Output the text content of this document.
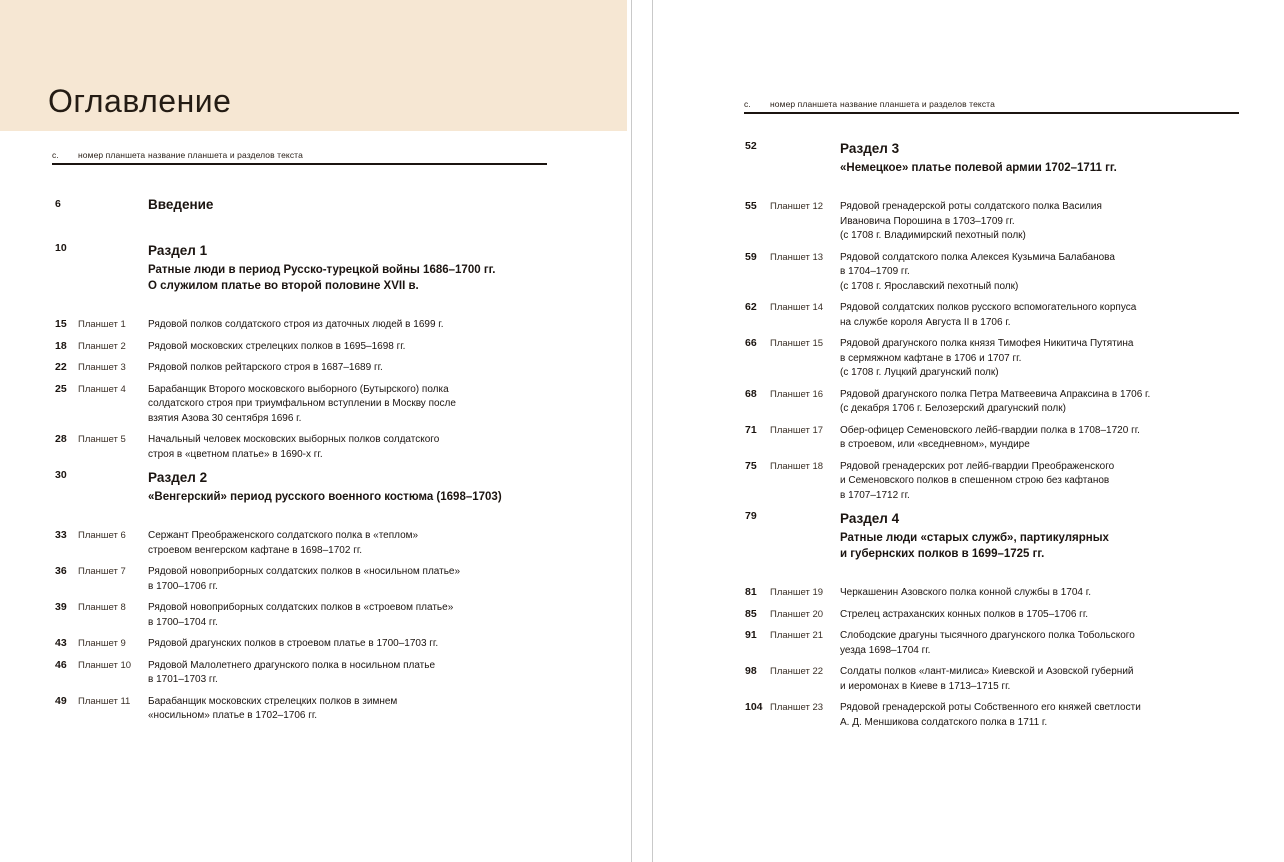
Оглавление
с. номер планшета название планшета и разделов текста
6	Введение
10	Раздел 1
Ратные люди в период Русско-турецкой войны 1686–1700 гг.
О служилом платье во второй половине XVII в.
15 Планшет 1 Рядовой полков солдатского строя из даточных людей в 1699 г.
18 Планшет 2 Рядовой московских стрелецких полков в 1695–1698 гг.
22 Планшет 3 Рядовой полков рейтарского строя в 1687–1689 гг.
25 Планшет 4 Барабанщик Второго московского выборного (Бутырского) полка
солдатского строя при триумфальном вступлении в Москву после
взятия Азова 30 сентября 1696 г.
28 Планшет 5 Начальный человек московских выборных полков солдатского
строя в «цветном платье» в 1690-х гг.
30	Раздел 2
«Венгерский» период русского военного костюма (1698–1703)
33 Планшет 6 Сержант Преображенского солдатского полка в «теплом»
строевом венгерском кафтане в 1698–1702 гг.
36 Планшет 7 Рядовой новоприборных солдатских полков в «носильном платье»
в 1700–1706 гг.
39 Планшет 8 Рядовой новоприборных солдатских полков в «строевом платье»
в 1700–1704 гг.
43 Планшет 9 Рядовой драгунских полков в строевом платье в 1700–1703 гг.
46 Планшет 10 Рядовой Малолетнего драгунского полка в носильном платье
в 1701–1703 гг.
49 Планшет 11 Барабанщик московских стрелецких полков в зимнем
«носильном» платье в 1702–1706 гг.
с. номер планшета название планшета и разделов текста
52	Раздел 3
«Немецкое» платье полевой армии 1702–1711 гг.
55 Планшет 12 Рядовой гренадерской роты солдатского полка Василия
Ивановича Порошина в 1703–1709 гг.
(с 1708 г. Владимирский пехотный полк)
59 Планшет 13 Рядовой солдатского полка Алексея Кузьмича Балабанова
в 1704–1709 гг.
(с 1708 г. Ярославский пехотный полк)
62 Планшет 14 Рядовой солдатских полков русского вспомогательного корпуса
на службе короля Августа II в 1706 г.
66 Планшет 15 Рядовой драгунского полка князя Тимофея Никитича Путятина
в сермяжном кафтане в 1706 и 1707 гг.
(с 1708 г. Луцкий драгунский полк)
68 Планшет 16 Рядовой драгунского полка Петра Матвеевича Апраксина в 1706 г.
(с декабря 1706 г. Белозерский драгунский полк)
71 Планшет 17 Обер-офицер Семеновского лейб-гвардии полка в 1708–1720 гг.
в строевом, или «вседневном», мундире
75 Планшет 18 Рядовой гренадерских рот лейб-гвардии Преображенского
и Семеновского полков в спешенном строю без кафтанов
в 1707–1712 гг.
79	Раздел 4
Ратные люди «старых служб», партикулярных
и губернских полков в 1699–1725 гг.
81 Планшет 19 Черкашенин Азовского полка конной службы в 1704 г.
85 Планшет 20 Стрелец астраханских конных полков в 1705–1706 гг.
91 Планшет 21 Слободские драгуны тысячного драгунского полка Тобольского
уезда 1698–1704 гг.
98 Планшет 22 Солдаты полков «лант-милиса» Киевской и Азовской губерний
и иеромонах в Киеве в 1713–1715 гг.
104 Планшет 23 Рядовой гренадерской роты Собственного его княжей светлости
А. Д. Меншикова солдатского полка в 1711 г.
